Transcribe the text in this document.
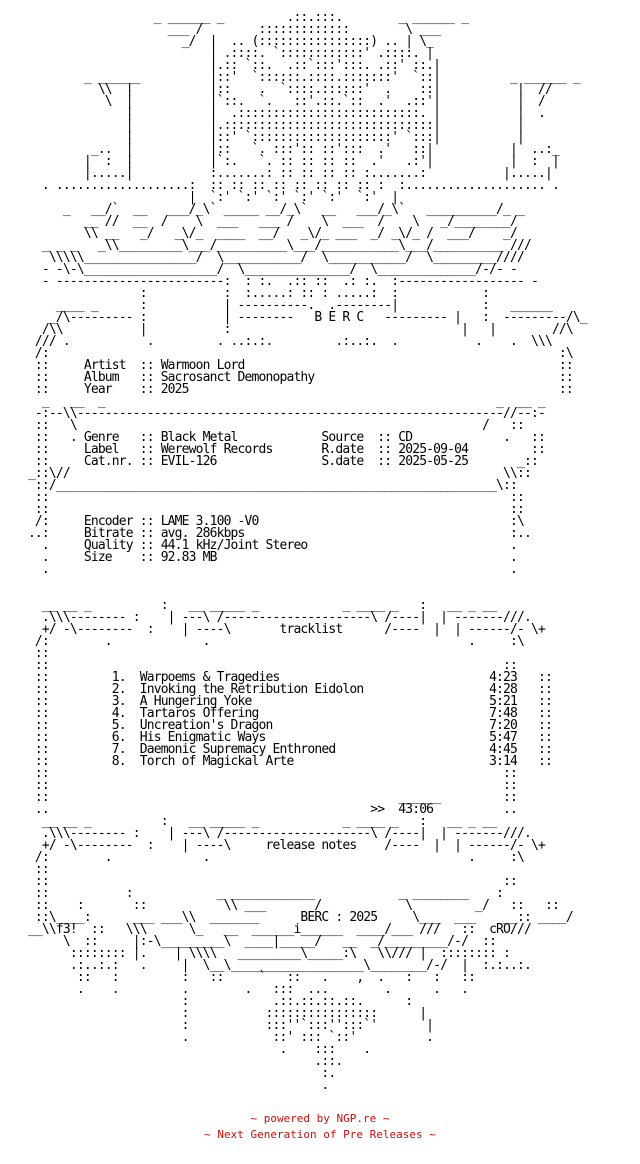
_ ______ _         .::.:::.        _ ______ _
___ /        :::::::::::::        \ ___
_/  |  .. (::::::::::::::::) .. | \_
| .::::. `::::::::::::' .::::. |
|.:: `::.  .::`:::':::. .::' ::.|
_ ______          |::'  `::::::.::::.:::::::'  `::|          _ ______ _
\\  |           |::    .  `::::.::::::'  .    ::|           |  //
\  |           |`::.  `.   ::'.::.`::  .'  .::'|           |  /
|           |  .::::::::::::::::::::::::::. |           |  .
|           |.::::::::::::::::::::::::::::::|           |
|           |::' `::::::::::::::::::::' `:::|           |
_..  |           |::   `. :::':: ::':::  .'   ::|           |  ..:_
|  :  |           |`:.   `. :: :: :: ::  .'   .:'|           |  :  |
|.....|           :.......: :: :: :: :: :.......:           |.....|
. ...................:  :: :: :: :: :: :: :: :: :  :.................... .
|  `:' `:' `:' `:' `:'  `:'  |
_   __/`  __   ___/_\` _____ __/_\`  __   ___/_\`   __________/_ _
__ //  __  /    \  ___   ___ /    \  ___  /    \   _/________/
\\ __   _/   _\/_  ____  __/   _\/_ ___  _/ _\/_ /  ___/    _/
_ _ _   _\\_________\___/__________\___/___________\___/__________ ///
\\\\\________________/  \___________/  \___________/  \_________////
- -\-\___________________/  \_______________/  \______________/-/- -
- ------------------------:  : :.  .:: ::  .: :.  :------------------ -
:           :  :.....: :: : .....:  :            :
____ _      :           | ----------.  .--------|            :   ______
_/\--------- :           | --------   B E R C   --------- |   :  ---------/\_
/\\           |           :                                 |   |        //\
/// .           .         . ..:.:.         .:..:.  .           .    .  \\\
/:                                                                         :\
::     Artist  :: Warmoon Lord                                             ::
::     Album   :: Sacrosanct Demonopathy                                   ::
::     Year    :: 2025                                                     ::
_   __  _                                                        _  __ _
-:--\\-------------------------------------------------------------//--:-
::   \                                                          /   ::
::   . Genre   :: Black Metal            Source  :: CD             .   ::
::     Label   :: Werewolf Records       R.date  :: 2025-09-04         ::
::     Cat.nr. :: EVIL-126               S.date  :: 2025-05-25       _::
_::\//                                                              \\::
::/_______________________________________________________________\::
::                                                                  ::
::                                                                  ::
/:     Encoder :: LAME 3.100 -V0                                    :\
..:     Bitrate :: avg. 286kbps                                      :..
.     Quality :: 44.1 kHz/Joint Stereo                             .
.     Size    :: 92.83 MB                                          .
.                                                                  .

__ __ _          :   __ _____ _            _ ____ _   :   __ _ __
.\\\-------- :    | ---\ /---------------------\ /----|  | -------///.
+/ -\--------  :    | ----\       tracklist      /----  |  | ------/- \+
/:        .             .                                     .     :\
::
::                                                                 ::
::         1.  Warpoems & Tragedies                              4:23   ::
::         2.  Invoking the Retribution Eidolon                  4:28   ::
::         3.  A Hungering Yoke                                  5:21   ::
::         4.  Tartaros Offering                                 7:48   ::
::         5.  Uncreation's Dragon                               7:20   ::
::         6.  His Enigmatic Ways                                5:47   ::
::         7.  Daemonic Supremacy Enthroned                      4:45   ::
::         8.  Torch of Magickal Arte                            3:14   ::
::                                                                 ::
::                                                                 ::
::                                                  ______         ::
..                                              >>  43:06          ..
__ __ _          :   __ _____ _            _ ____ _   :   __ _ __
.\\\-------- :    | ---\ /---------------------\ /----|  | -------///.
+/ -\--------  :    | ----\     release notes    /----  |  | ------/- \+
/:        .             .                                     .     :\
::
::                                                                 ::
::           :            _ ____________            _ ________    :
::    :       ::           \\ ___       /            \         _/   ::   ::
::\____:      ___ ___\\  _______      BERC : 2025     \___  ___    __:: ____/
__\\f3!  ::   \\\      \_   __  ______i______  ____/___ ///   ::  cRO///
\  ::     |:-\_________\  ____|_____/   __  _/_________/-/  ::
:::::::: |.    | \\\\   _________\_____:\   \\/// |  :::::::: :
.:..:.:   .     |  \__\___________________\________/-/  |  :.:..:.
::   :         :   ::     `   ::   .    ,  .   :   :   ::
.    .         .        .   :::  ...        .      .   .
:            .::.::.::.::.      :
:           ::::::::::::::::      |
:           :::''`:::'':::`'       |
.            ::' ::: `::'          .
.    :::    .
.::.
:.
.

~ powered by NGP.re ~
~ Next Generation of Pre Releases ~
